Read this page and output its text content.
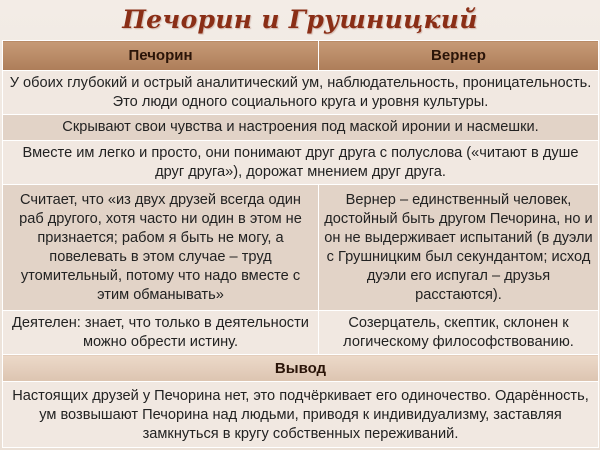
Печорин и Грушницкий
Печорин	Вернер
У обоих глубокий и острый аналитический ум, наблюдательность, проницательность. Это люди одного социального круга и уровня культуры.	
Скрывают свои чувства и настроения под маской иронии и насмешки.	
Вместе им легко и просто, они понимают друг друга с полуслова («читают в душе друг друга»), дорожат мнением друг друга.	
Считает, что «из двух друзей всегда один раб другого, хотя часто ни один в этом не признается; рабом я быть не могу, а повелевать в этом случае – труд утомительный, потому что надо вместе с этим обманывать»	Вернер – единственный человек, достойный быть другом Печорина, но и он не выдерживает испытаний (в дуэли с Грушницким был секундантом; исход дуэли его испугал – друзья расстаются).
Деятелен: знает, что только в деятельности можно обрести истину.	Созерцатель, скептик, склонен к логическому философствованию.
Вывод	
Настоящих друзей у Печорина нет, это подчёркивает его одиночество. Одарённость, ум возвышают Печорина над людьми, приводя к индивидуализму, заставляя замкнуться в кругу собственных переживаний.	
